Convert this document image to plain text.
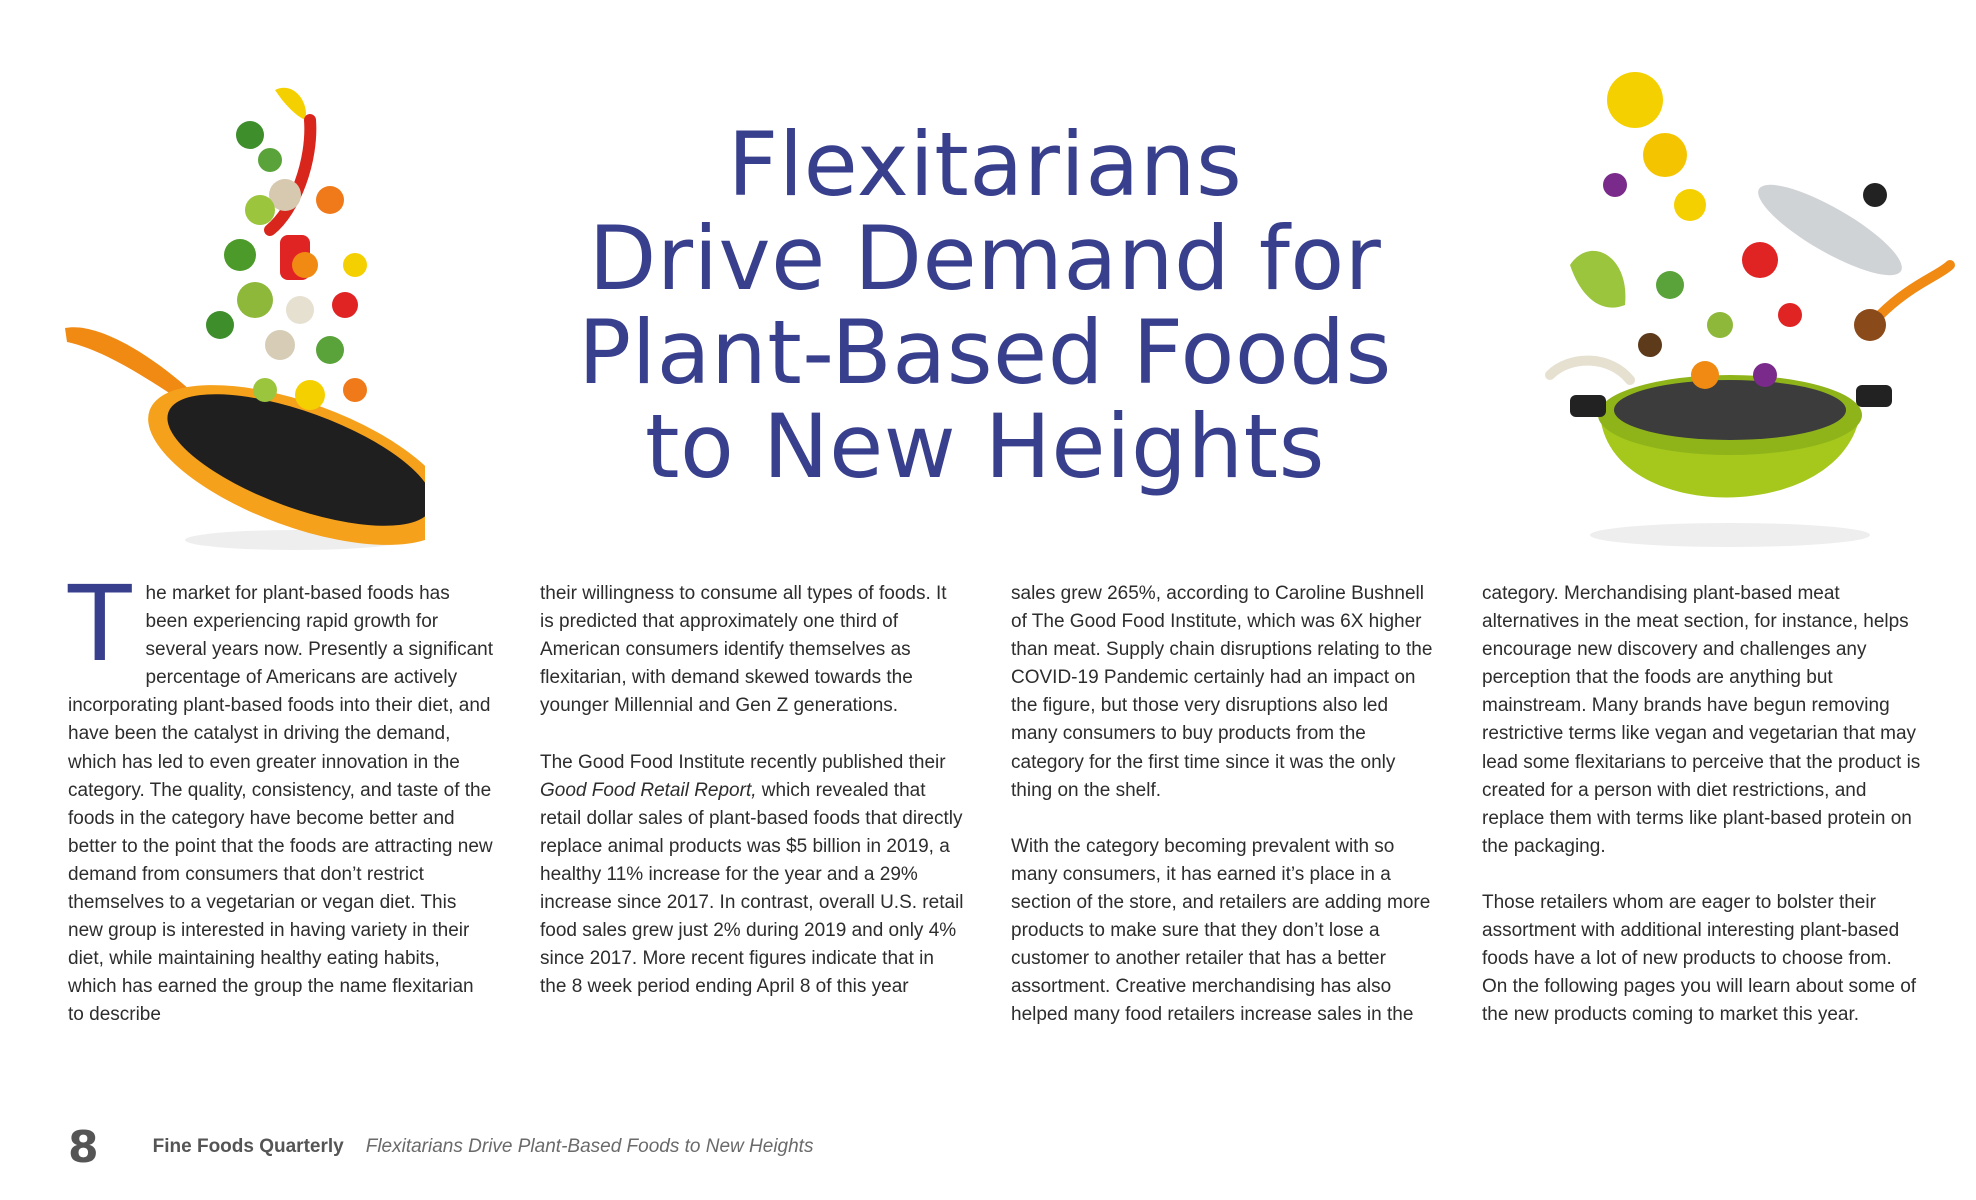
Flexitarians
Drive Demand for
Plant-Based Foods
to New Heights
T he market for plant-based foods has been experiencing rapid growth for several years now. Presently a significant percentage of Americans are actively incorporating plant-based foods into their diet, and have been the catalyst in driving the demand, which has led to even greater innovation in the category. The quality, consistency, and taste of the foods in the category have become better and better to the point that the foods are attracting new demand from consumers that don’t restrict themselves to a vegetarian or vegan diet. This new group is interested in having variety in their diet, while maintaining healthy eating habits, which has earned the group the name flexitarian to describe

their willingness to consume all types of foods. It is predicted that approximately one third of American consumers identify themselves as flexitarian, with demand skewed towards the younger Millennial and Gen Z generations.

The Good Food Institute recently published their Good Food Retail Report, which revealed that retail dollar sales of plant-based foods that directly replace animal products was $5 billion in 2019, a healthy 11% increase for the year and a 29% increase since 2017. In contrast, overall U.S. retail food sales grew just 2% during 2019 and only 4% since 2017. More recent figures indicate that in the 8 week period ending April 8 of this year

sales grew 265%, according to Caroline Bushnell of The Good Food Institute, which was 6X higher than meat. Supply chain disruptions relating to the COVID-19 Pandemic certainly had an impact on the figure, but those very disruptions also led many consumers to buy products from the category for the first time since it was the only thing on the shelf.

With the category becoming prevalent with so many consumers, it has earned it’s place in a section of the store, and retailers are adding more products to make sure that they don’t lose a customer to another retailer that has a better assortment. Creative merchandising has also helped many food retailers increase sales in the

category. Merchandising plant-based meat alternatives in the meat section, for instance, helps encourage new discovery and challenges any perception that the foods are anything but mainstream. Many brands have begun removing restrictive terms like vegan and vegetarian that may lead some flexitarians to perceive that the product is created for a person with diet restrictions, and replace them with terms like plant-based protein on the packaging.

Those retailers whom are eager to bolster their assortment with additional interesting plant-based foods have a lot of new products to choose from. On the following pages you will learn about some of the new products coming to market this year.

8	Fine Foods Quarterly Flexitarians Drive Plant-Based Foods to New Heights
